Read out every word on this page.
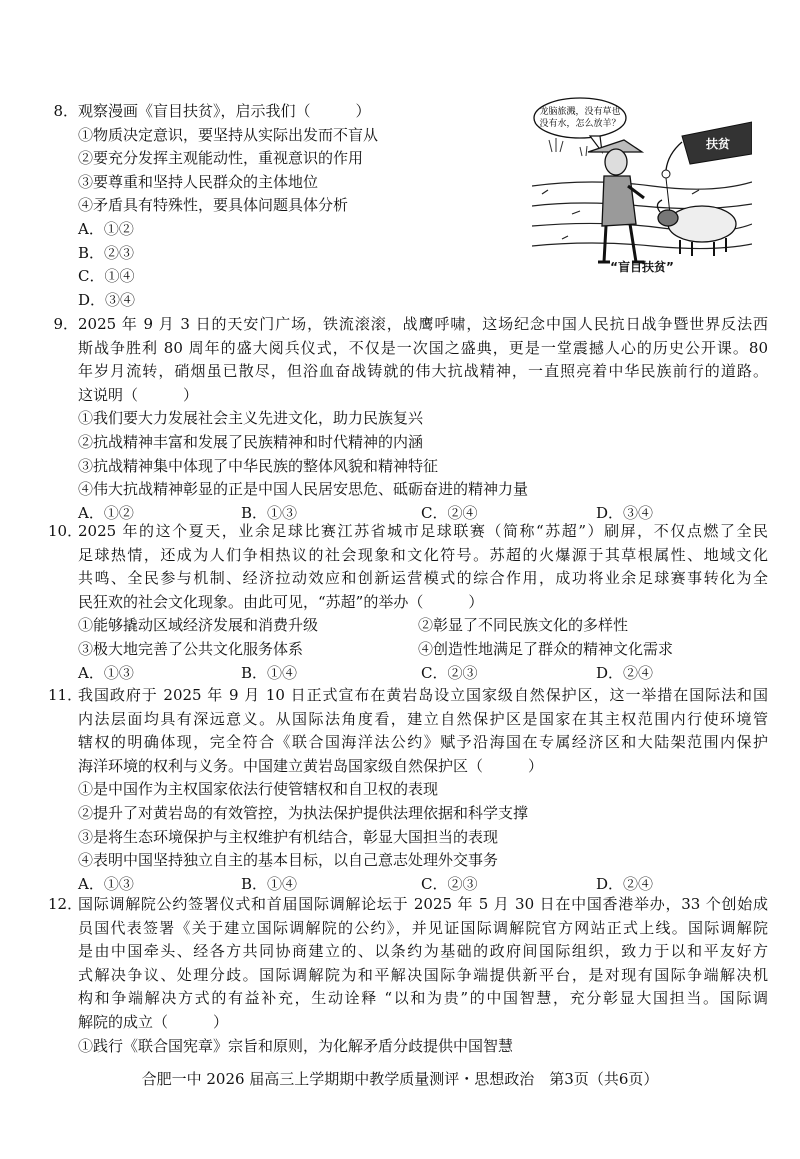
8． 观察漫画《盲目扶贫》，启示我们（　　　）
①物质决定意识，要坚持从实际出发而不盲从
②要充分发挥主观能动性，重视意识的作用
③要尊重和坚持人民群众的主体地位
④矛盾具有特殊性，要具体问题具体分析
A．①②
B．②③
C．①④
D．③④
龙脑旅溅，没有草也
没有水，怎么放羊？
扶贫
“盲目扶贫”
9． 2025 年 9 月 3 日的天安门广场，铁流滚滚，战鹰呼啸，这场纪念中国人民抗日战争暨世界反法西
斯战争胜利 80 周年的盛大阅兵仪式，不仅是一次国之盛典，更是一堂震撼人心的历史公开课。80
年岁月流转，硝烟虽已散尽，但浴血奋战铸就的伟大抗战精神，一直照亮着中华民族前行的道路。
这说明（　　　）
①我们要大力发展社会主义先进文化，助力民族复兴
②抗战精神丰富和发展了民族精神和时代精神的内涵
③抗战精神集中体现了中华民族的整体风貌和精神特征
④伟大抗战精神彰显的正是中国人民居安思危、砥砺奋进的精神力量
A．①②	B．①③	C．②④	D．③④
10．
2025 年的这个夏天，业余足球比赛江苏省城市足球联赛（简称“苏超”）刷屏，不仅点燃了全民
足球热情，还成为人们争相热议的社会现象和文化符号。苏超的火爆源于其草根属性、地域文化
共鸣、全民参与机制、经济拉动效应和创新运营模式的综合作用，成功将业余足球赛事转化为全
民狂欢的社会文化现象。由此可见，“苏超”的举办（　　　）
①能够撬动区域经济发展和消费升级	②彰显了不同民族文化的多样性
③极大地完善了公共文化服务体系	④创造性地满足了群众的精神文化需求
A．①③	B．①④	C．②③	D．②④
11．
我国政府于 2025 年 9 月 10 日正式宣布在黄岩岛设立国家级自然保护区，这一举措在国际法和国
内法层面均具有深远意义。从国际法角度看，建立自然保护区是国家在其主权范围内行使环境管
辖权的明确体现，完全符合《联合国海洋法公约》赋予沿海国在专属经济区和大陆架范围内保护
海洋环境的权利与义务。中国建立黄岩岛国家级自然保护区（　　　）
①是中国作为主权国家依法行使管辖权和自卫权的表现
②提升了对黄岩岛的有效管控，为执法保护提供法理依据和科学支撑
③是将生态环境保护与主权维护有机结合，彰显大国担当的表现
④表明中国坚持独立自主的基本目标，以自己意志处理外交事务
A．①③	B．①④	C．②③	D．②④
12．
国际调解院公约签署仪式和首届国际调解论坛于 2025 年 5 月 30 日在中国香港举办，33 个创始成
员国代表签署《关于建立国际调解院的公约》，并见证国际调解院官方网站正式上线。国际调解院
是由中国牵头、经各方共同协商建立的、以条约为基础的政府间国际组织，致力于以和平友好方
式解决争议、处理分歧。国际调解院为和平解决国际争端提供新平台，是对现有国际争端解决机
构和争端解决方式的有益补充，生动诠释 “以和为贵”的中国智慧，充分彰显大国担当。国际调
解院的成立（　　　）
①践行《联合国宪章》宗旨和原则，为化解矛盾分歧提供中国智慧
合肥一中 2026 届高三上学期期中教学质量测评・思想政治　第3页（共6页）
